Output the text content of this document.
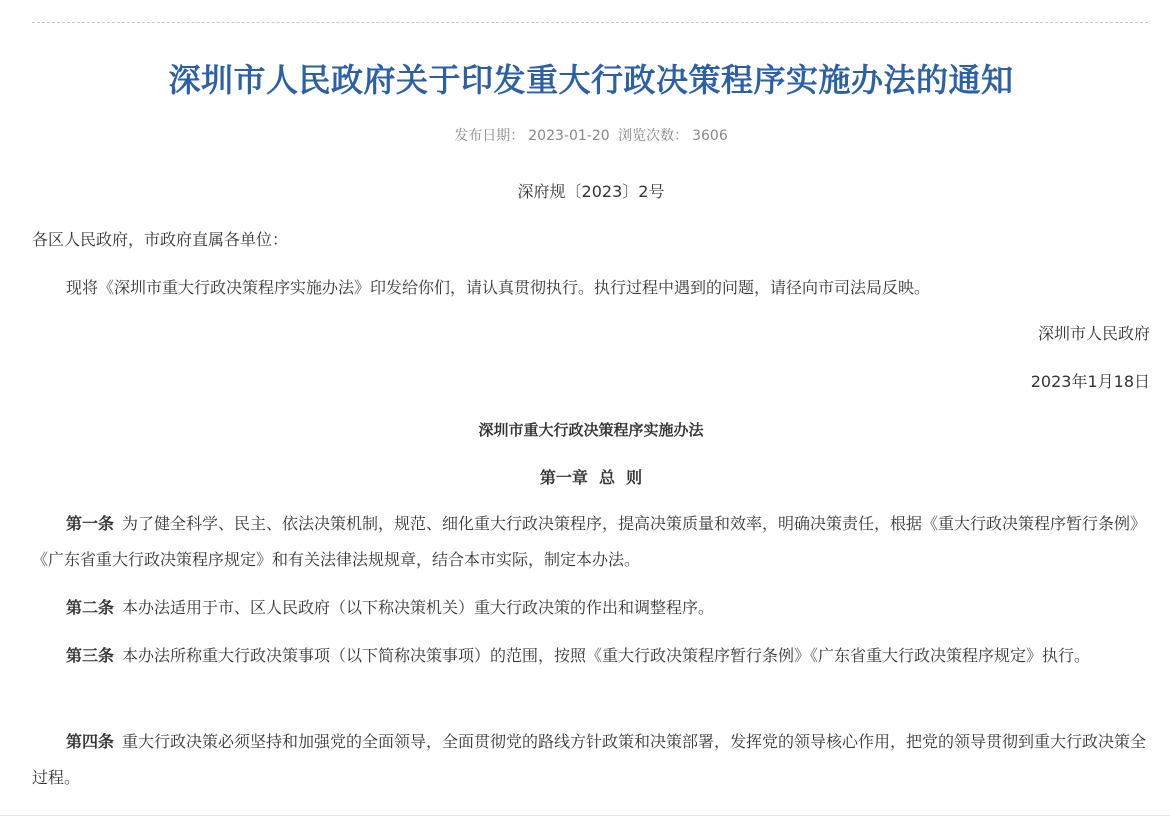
深圳市人民政府关于印发重大行政决策程序实施办法的通知
发布日期： 2023-01-20 浏览次数： 3606

深府规〔2023〕2号

各区人民政府，市政府直属各单位：

现将《深圳市重大行政决策程序实施办法》印发给你们，请认真贯彻执行。执行过程中遇到的问题，请径向市司法局反映。

深圳市人民政府

2023年1月18日

深圳市重大行政决策程序实施办法

第一章  总  则

第一条 为了健全科学、民主、依法决策机制，规范、细化重大行政决策程序，提高决策质量和效率，明确决策责任，根据《重大行政决策程序暂行条例》《广东省重大行政决策程序规定》和有关法律法规规章，结合本市实际，制定本办法。

第二条 本办法适用于市、区人民政府（以下称决策机关）重大行政决策的作出和调整程序。

第三条 本办法所称重大行政决策事项（以下简称决策事项）的范围，按照《重大行政决策程序暂行条例》《广东省重大行政决策程序规定》执行。

第四条 重大行政决策必须坚持和加强党的全面领导，全面贯彻党的路线方针政策和决策部署，发挥党的领导核心作用，把党的领导贯彻到重大行政决策全过程。
